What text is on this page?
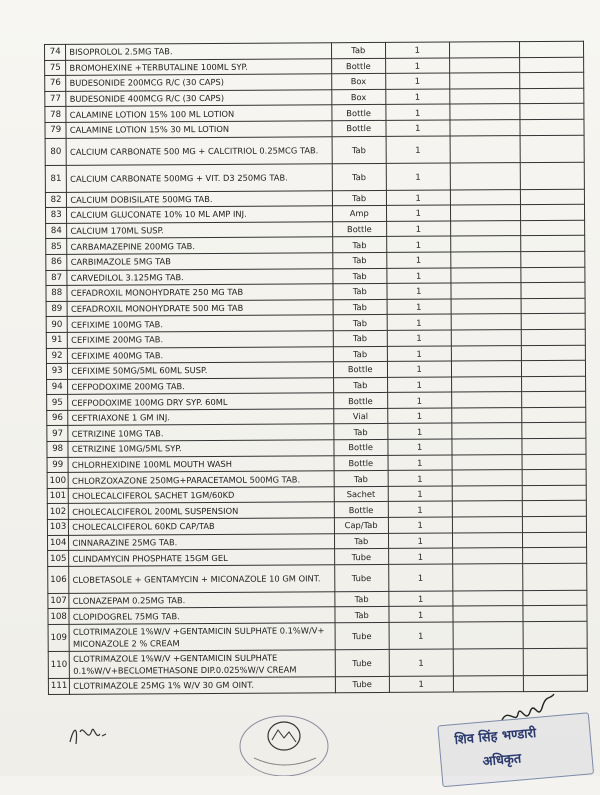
74	BISOPROLOL 2.5MG TAB.	Tab	1		
75	BROMOHEXINE +TERBUTALINE 100ML SYP.	Bottle	1		
76	BUDESONIDE 200MCG R/C (30 CAPS)	Box	1		
77	BUDESONIDE 400MCG R/C (30 CAPS)	Box	1		
78	CALAMINE LOTION 15% 100 ML LOTION	Bottle	1		
79	CALAMINE LOTION 15% 30 ML LOTION	Bottle	1		
80	CALCIUM CARBONATE 500 MG + CALCITRIOL 0.25MCG TAB.	Tab	1		
81	CALCIUM CARBONATE 500MG + VIT. D3 250MG TAB.	Tab	1		
82	CALCIUM DOBISILATE 500MG TAB.	Tab	1		
83	CALCIUM GLUCONATE 10% 10 ML AMP INJ.	Amp	1		
84	CALCIUM 170ML SUSP.	Bottle	1		
85	CARBAMAZEPINE 200MG TAB.	Tab	1		
86	CARBIMAZOLE 5MG TAB	Tab	1		
87	CARVEDILOL 3.125MG TAB.	Tab	1		
88	CEFADROXIL MONOHYDRATE 250 MG TAB	Tab	1		
89	CEFADROXIL MONOHYDRATE 500 MG TAB	Tab	1		
90	CEFIXIME 100MG TAB.	Tab	1		
91	CEFIXIME 200MG TAB.	Tab	1		
92	CEFIXIME 400MG TAB.	Tab	1		
93	CEFIXIME 50MG/5ML 60ML SUSP.	Bottle	1		
94	CEFPODOXIME 200MG TAB.	Tab	1		
95	CEFPODOXIME 100MG DRY SYP. 60ML	Bottle	1		
96	CEFTRIAXONE 1 GM INJ.	Vial	1		
97	CETRIZINE 10MG TAB.	Tab	1		
98	CETRIZINE 10MG/5ML SYP.	Bottle	1		
99	CHLORHEXIDINE 100ML MOUTH WASH	Bottle	1		
100	CHLORZOXAZONE 250MG+PARACETAMOL 500MG TAB.	Tab	1		
101	CHOLECALCIFEROL SACHET 1GM/60KD	Sachet	1		
102	CHOLECALCIFEROL 200ML SUSPENSION	Bottle	1		
103	CHOLECALCIFEROL 60KD CAP/TAB	Cap/Tab	1		
104	CINNARAZINE 25MG TAB.	Tab	1		
105	CLINDAMYCIN PHOSPHATE 15GM GEL	Tube	1		
106	CLOBETASOLE + GENTAMYCIN + MICONAZOLE 10 GM OINT.	Tube	1		
107	CLONAZEPAM 0.25MG TAB.	Tab	1		
108	CLOPIDOGREL 75MG TAB.	Tab	1		
109	CLOTRIMAZOLE 1%W/V +GENTAMICIN SULPHATE 0.1%W/V+ MICONAZOLE 2 % CREAM	Tube	1		
110	CLOTRIMAZOLE 1%W/V +GENTAMICIN SULPHATE 0.1%W/V+BECLOMETHASONE DIP.0.025%W/V CREAM	Tube	1		
111	CLOTRIMAZOLE 25MG 1% W/V 30 GM OINT.	Tube	1		
शिव सिंह भण्डारी
अधिकृत
